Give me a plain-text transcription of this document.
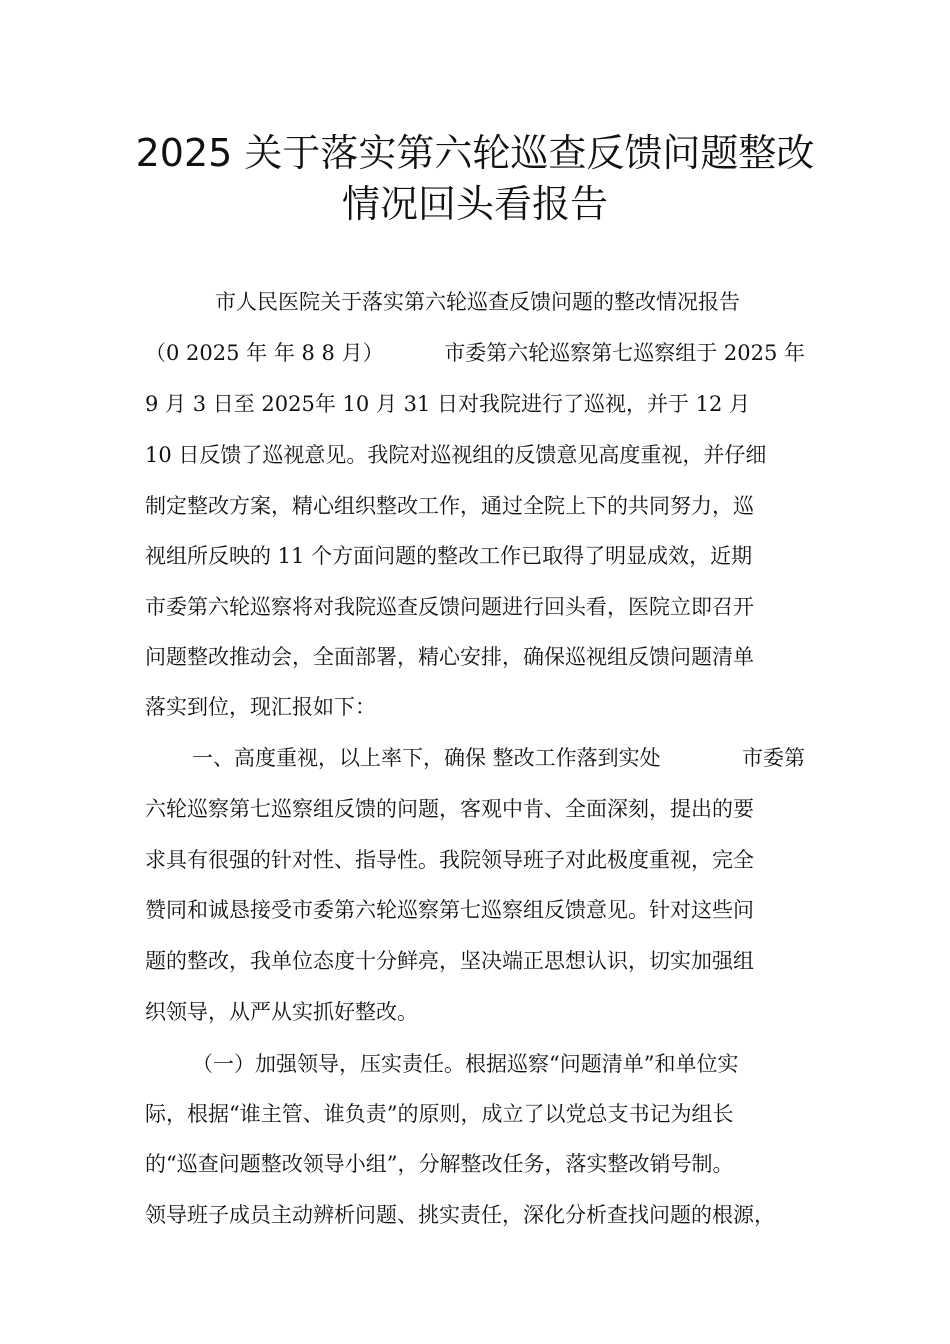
2025 关于落实第六轮巡查反馈问题整改
情况回头看报告
市人民医院关于落实第六轮巡查反馈问题的整改情况报告
（0 2025 年 年 8 8 月）	市委第六轮巡察第七巡察组于 2025 年
9 月 3 日至 2025年 10 月 31 日对我院进行了巡视，并于 12 月
10 日反馈了巡视意见。我院对巡视组的反馈意见高度重视，并仔细
制定整改方案，精心组织整改工作，通过全院上下的共同努力，巡
视组所反映的 11 个方面问题的整改工作已取得了明显成效，近期
市委第六轮巡察将对我院巡查反馈问题进行回头看，医院立即召开
问题整改推动会，全面部署，精心安排，确保巡视组反馈问题清单
落实到位，现汇报如下：
一、高度重视，以上率下，确保 整改工作落到实处	市委第
六轮巡察第七巡察组反馈的问题，客观中肯、全面深刻，提出的要
求具有很强的针对性、指导性。我院领导班子对此极度重视，完全
赞同和诚恳接受市委第六轮巡察第七巡察组反馈意见。针对这些问
题的整改，我单位态度十分鲜亮，坚决端正思想认识，切实加强组
织领导，从严从实抓好整改。
（一）加强领导，压实责任。根据巡察“问题清单”和单位实
际，根据“谁主管、谁负责”的原则，成立了以党总支书记为组长
的“巡查问题整改领导小组”，分解整改任务，落实整改销号制。
领导班子成员主动辨析问题、挑实责任，深化分析查找问题的根源，
